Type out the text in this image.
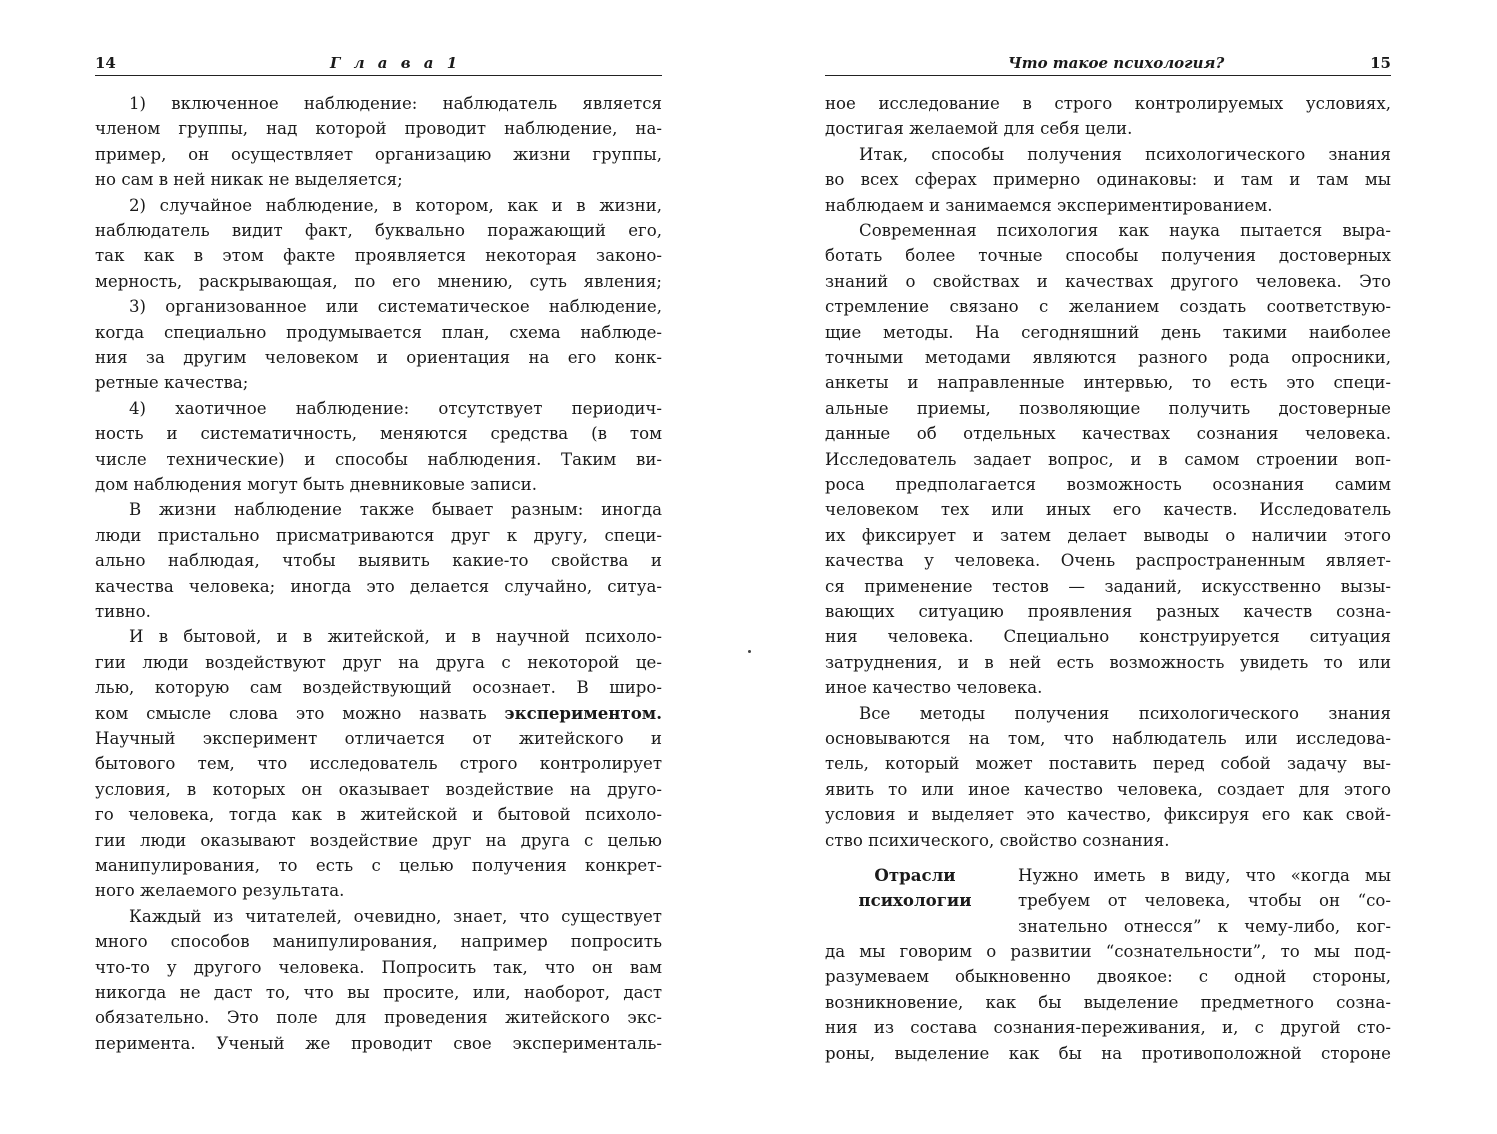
14	Г л а в а 1
1) включенное наблюдение: наблюдатель является
членом группы, над которой проводит наблюдение, на-
пример, он осуществляет организацию жизни группы,
но сам в ней никак не выделяется;
2) случайное наблюдение, в котором, как и в жизни,
наблюдатель видит факт, буквально поражающий его,
так как в этом факте проявляется некоторая законо-
мерность, раскрывающая, по его мнению, суть явления;
3) организованное или систематическое наблюдение,
когда специально продумывается план, схема наблюде-
ния за другим человеком и ориентация на его конк-
ретные качества;
4) хаотичное наблюдение: отсутствует периодич-
ность и систематичность, меняются средства (в том
числе технические) и способы наблюдения. Таким ви-
дом наблюдения могут быть дневниковые записи.
В жизни наблюдение также бывает разным: иногда
люди пристально присматриваются друг к другу, специ-
ально наблюдая, чтобы выявить какие-то свойства и
качества человека; иногда это делается случайно, ситуа-
тивно.
И в бытовой, и в житейской, и в научной психоло-
гии люди воздействуют друг на друга с некоторой це-
лью, которую сам воздействующий осознает. В широ-
ком смысле слова это можно назвать экспериментом.
Научный эксперимент отличается от житейского и
бытового тем, что исследователь строго контролирует
условия, в которых он оказывает воздействие на друго-
го человека, тогда как в житейской и бытовой психоло-
гии люди оказывают воздействие друг на друга с целью
манипулирования, то есть с целью получения конкрет-
ного желаемого результата.
Каждый из читателей, очевидно, знает, что существует
много способов манипулирования, например попросить
что-то у другого человека. Попросить так, что он вам
никогда не даст то, что вы просите, или, наоборот, даст
обязательно. Это поле для проведения житейского экс-
перимента. Ученый же проводит свое эксперименталь-
Что такое психология?	15
ное исследование в строго контролируемых условиях,
достигая желаемой для себя цели.
Итак, способы получения психологического знания
во всех сферах примерно одинаковы: и там и там мы
наблюдаем и занимаемся экспериментированием.
Современная психология как наука пытается выра-
ботать более точные способы получения достоверных
знаний о свойствах и качествах другого человека. Это
стремление связано с желанием создать соответствую-
щие методы. На сегодняшний день такими наиболее
точными методами являются разного рода опросники,
анкеты и направленные интервью, то есть это специ-
альные приемы, позволяющие получить достоверные
данные об отдельных качествах сознания человека.
Исследователь задает вопрос, и в самом строении воп-
роса предполагается возможность осознания самим
человеком тех или иных его качеств. Исследователь
их фиксирует и затем делает выводы о наличии этого
качества у человека. Очень распространенным являет-
ся применение тестов — заданий, искусственно вызы-
вающих ситуацию проявления разных качеств созна-
ния человека. Специально конструируется ситуация
затруднения, и в ней есть возможность увидеть то или
иное качество человека.
Все методы получения психологического знания
основываются на том, что наблюдатель или исследова-
тель, который может поставить перед собой задачу вы-
явить то или иное качество человека, создает для этого
условия и выделяет это качество, фиксируя его как свой-
ство психического, свойство сознания.
Отрасли
психологии
Нужно иметь в виду, что «когда мы
требуем от человека, чтобы он “со-
знательно отнесся” к чему-либо, ког-
да мы говорим о развитии “сознательности”, то мы под-
разумеваем обыкновенно двоякое: с одной стороны,
возникновение, как бы выделение предметного созна-
ния из состава сознания-переживания, и, с другой сто-
роны, выделение как бы на противоположной стороне
